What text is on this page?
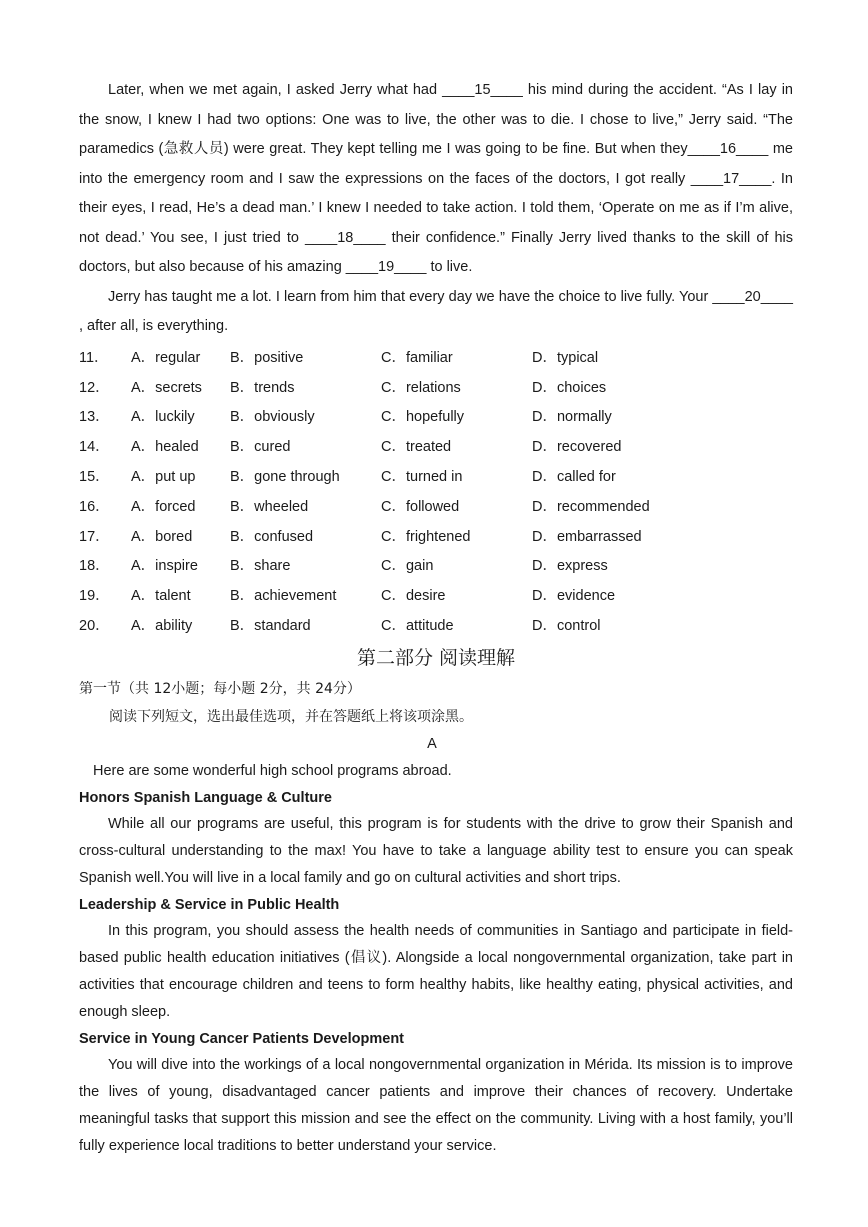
Later, when we met again, I asked Jerry what had ____15____ his mind during the accident. “As I lay in the snow, I knew I had two options: One was to live, the other was to die. I chose to live,” Jerry said. “The paramedics (急救人员) were great. They kept telling me I was going to be fine. But when they____16____ me into the emergency room and I saw the expressions on the faces of the doctors, I got really ____17____. In their eyes, I read, He’s a dead man.’ I knew I needed to take action. I told them, ‘Operate on me as if I’m alive, not dead.’ You see, I just tried to ____18____ their confidence.” Finally Jerry lived thanks to the skill of his doctors, but also because of his amazing ____19____ to live.

Jerry has taught me a lot. I learn from him that every day we have the choice to live fully. Your ____20____ , after all, is everything.

11．	A．regular	B．positive	C．familiar	D．typical
12．	A．secrets	B．trends	C．relations	D．choices
13．	A．luckily	B．obviously	C．hopefully	D．normally
14．	A．healed	B．cured	C．treated	D．recovered
15．	A．put up	B．gone through	C．turned in	D．called for
16．	A．forced	B．wheeled	C．followed	D．recommended
17．	A．bored	B．confused	C．frightened	D．embarrassed
18．	A．inspire	B．share	C．gain	D．express
19．	A．talent	B．achievement	C．desire	D．evidence
20．	A．ability	B．standard	C．attitude	D．control
第二部分 阅读理解
第一节（共 12小题；每小题 2分，共 24分）
阅读下列短文，选出最佳选项，并在答题纸上将该项涂黑。
A
Here are some wonderful high school programs abroad.
Honors Spanish Language & Culture

While all our programs are useful, this program is for students with the drive to grow their Spanish and cross-cultural understanding to the max! You have to take a language ability test to ensure you can speak Spanish well.You will live in a local family and go on cultural activities and short trips.

Leadership & Service in Public Health

In this program, you should assess the health needs of communities in Santiago and participate in field-based public health education initiatives (倡议). Alongside a local nongovernmental organization, take part in activities that encourage children and teens to form healthy habits, like healthy eating, physical activities, and enough sleep.

Service in Young Cancer Patients Development

You will dive into the workings of a local nongovernmental organization in Mérida. Its mission is to improve the lives of young, disadvantaged cancer patients and improve their chances of recovery. Undertake meaningful tasks that support this mission and see the effect on the community. Living with a host family, you’ll fully experience local traditions to better understand your service.
